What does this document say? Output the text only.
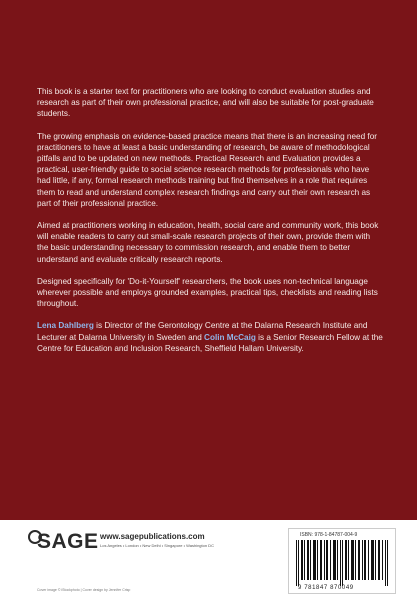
This book is a starter text for practitioners who are looking to conduct evaluation studies and research as part of their own professional practice, and will also be suitable for post-graduate students.

The growing emphasis on evidence-based practice means that there is an increasing need for practitioners to have at least a basic understanding of research, be aware of methodological pitfalls and to be updated on new methods. Practical Research and Evaluation provides a practical, user-friendly guide to social science research methods for professionals who have had little, if any, formal research methods training but find themselves in a role that requires them to read and understand complex research findings and carry out their own research as part of their professional practice.

Aimed at practitioners working in education, health, social care and community work, this book will enable readers to carry out small-scale research projects of their own, provide them with the basic understanding necessary to commission research, and enable them to better understand and evaluate critically research reports.

Designed specifically for 'Do-it-Yourself' researchers, the book uses non-technical language wherever possible and employs grounded examples, practical tips, checklists and reading lists throughout.

Lena Dahlberg is Director of the Gerontology Centre at the Dalarna Research Institute and Lecturer at Dalarna University in Sweden and Colin McCaig is a Senior Research Fellow at the Centre for Education and Inclusion Research, Sheffield Hallam University.

SAGE www.sagepublications.com
Los Angeles • London • New Delhi • Singapore • Washington DC
Cover image © iStockphoto | Cover design by Jennifer Crisp
ISBN: 978-1-84787-004-9
9 781847 870049
